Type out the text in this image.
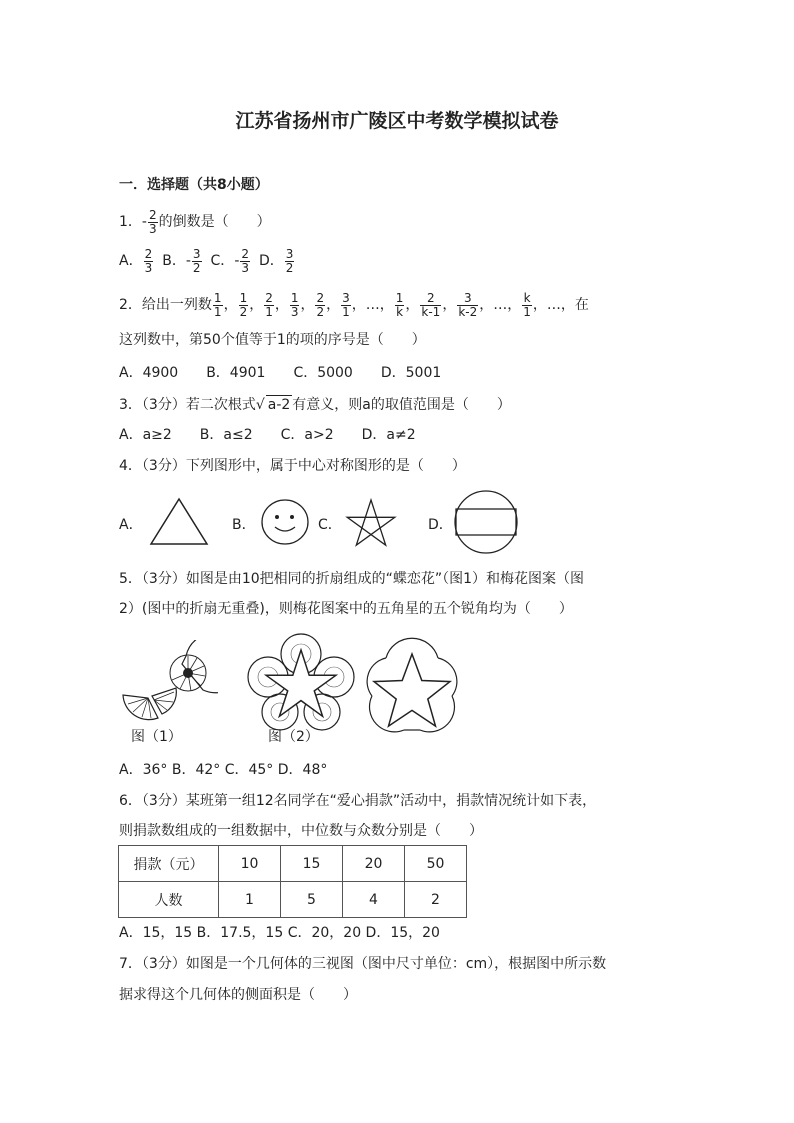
江苏省扬州市广陵区中考数学模拟试卷
一．选择题（共8小题）
1．- $\frac{2}{3}$ 的倒数是（　　）
A． $\frac{2}{3}$ B．- $\frac{3}{2}$ C．- $\frac{2}{3}$ D． $\frac{3}{2}$
2．给出一列数 $\frac{1}{1}$ ， $\frac{1}{2}$ ， $\frac{2}{1}$ ， $\frac{1}{3}$ ， $\frac{2}{2}$ ， $\frac{3}{1}$ ，…， $\frac{1}{k}$ ， $\frac{2}{k-1}$ ， $\frac{3}{k-2}$ ，…， $\frac{k}{1}$ ，…，在
这列数中，第50个值等于1的项的序号是（　　）
A．4900　　B．4901　　C．5000　　D．5001
3．（3分）若二次根式√ a-2 有意义，则a的取值范围是（　　）
A．a≥2　　B．a≤2　　C．a>2　　D．a≠2
4．（3分）下列图形中，属于中心对称图形的是（　　）
A．	B．	C．	D．
5．（3分）如图是由10把相同的折扇组成的“蝶恋花”（图1）和梅花图案（图
2）(图中的折扇无重叠)，则梅花图案中的五角星的五个锐角均为（　　）
图（1）	图（2）
A．36° B．42° C．45° D．48°
6．（3分）某班第一组12名同学在“爱心捐款”活动中，捐款情况统计如下表，
则捐款数组成的一组数据中，中位数与众数分别是（　　）
捐款（元）	10	15	20	50
人数	1	5	4	2
A．15，15 B．17.5，15 C．20，20 D．15，20
7．（3分）如图是一个几何体的三视图（图中尺寸单位：cm），根据图中所示数
据求得这个几何体的侧面积是（　　）
